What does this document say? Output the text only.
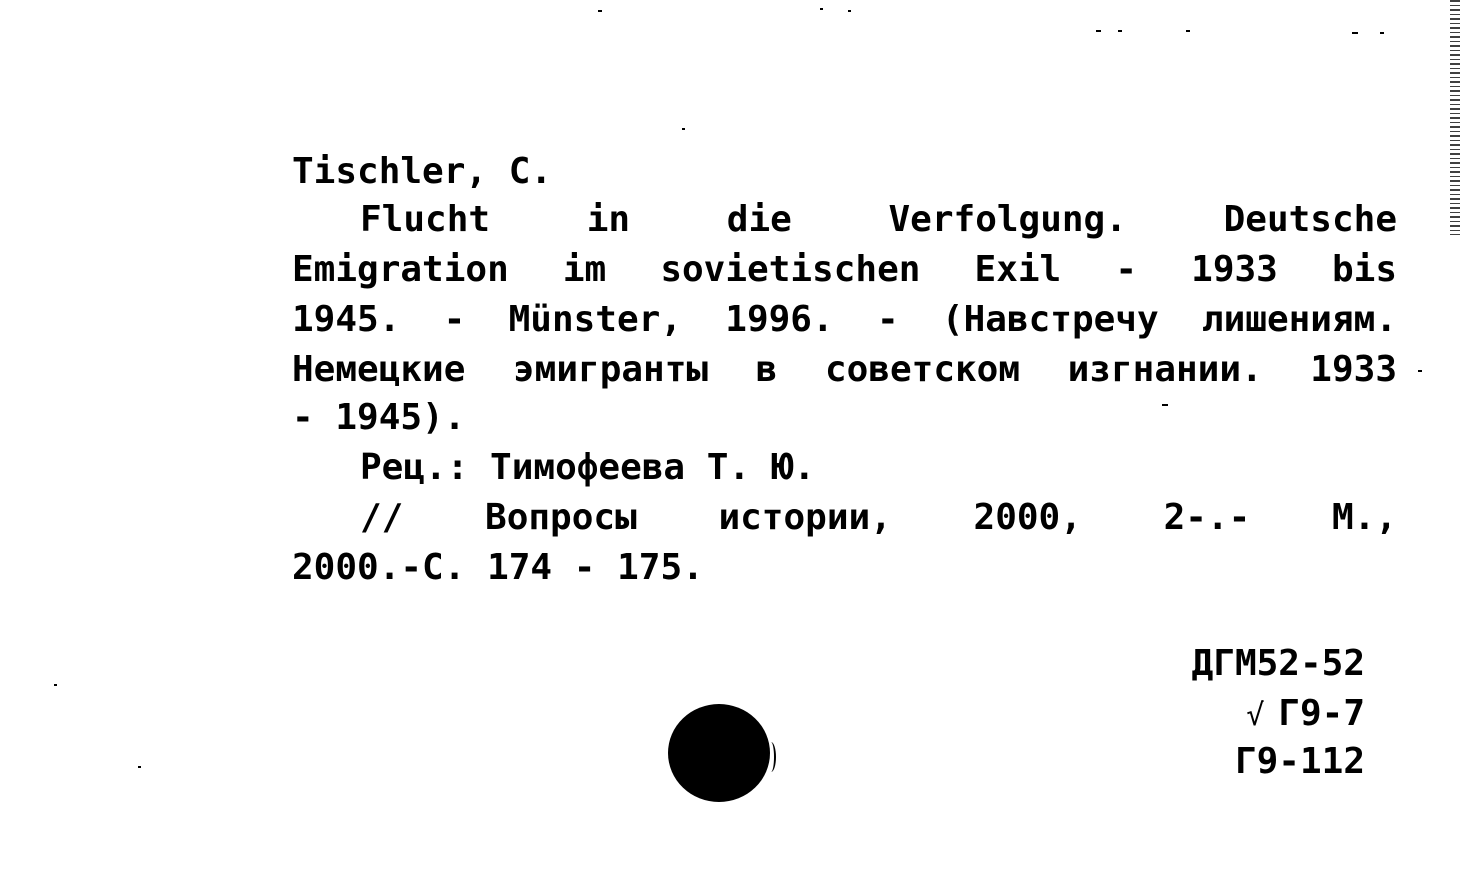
Tischler, C.
Flucht in die Verfolgung. Deutsche
Emigration im sovietischen Exil - 1933 bis
1945. - Münster, 1996. - (Навстречу лишениям.
Немецкие эмигранты в советском изгнании. 1933
- 1945).
Рец.: Тимофеева Т. Ю.
// Вопросы истории, 2000, 2-.- М.,
2000.-С. 174 - 175.
ДГМ52-52
√ Г9-7
Г9-112
